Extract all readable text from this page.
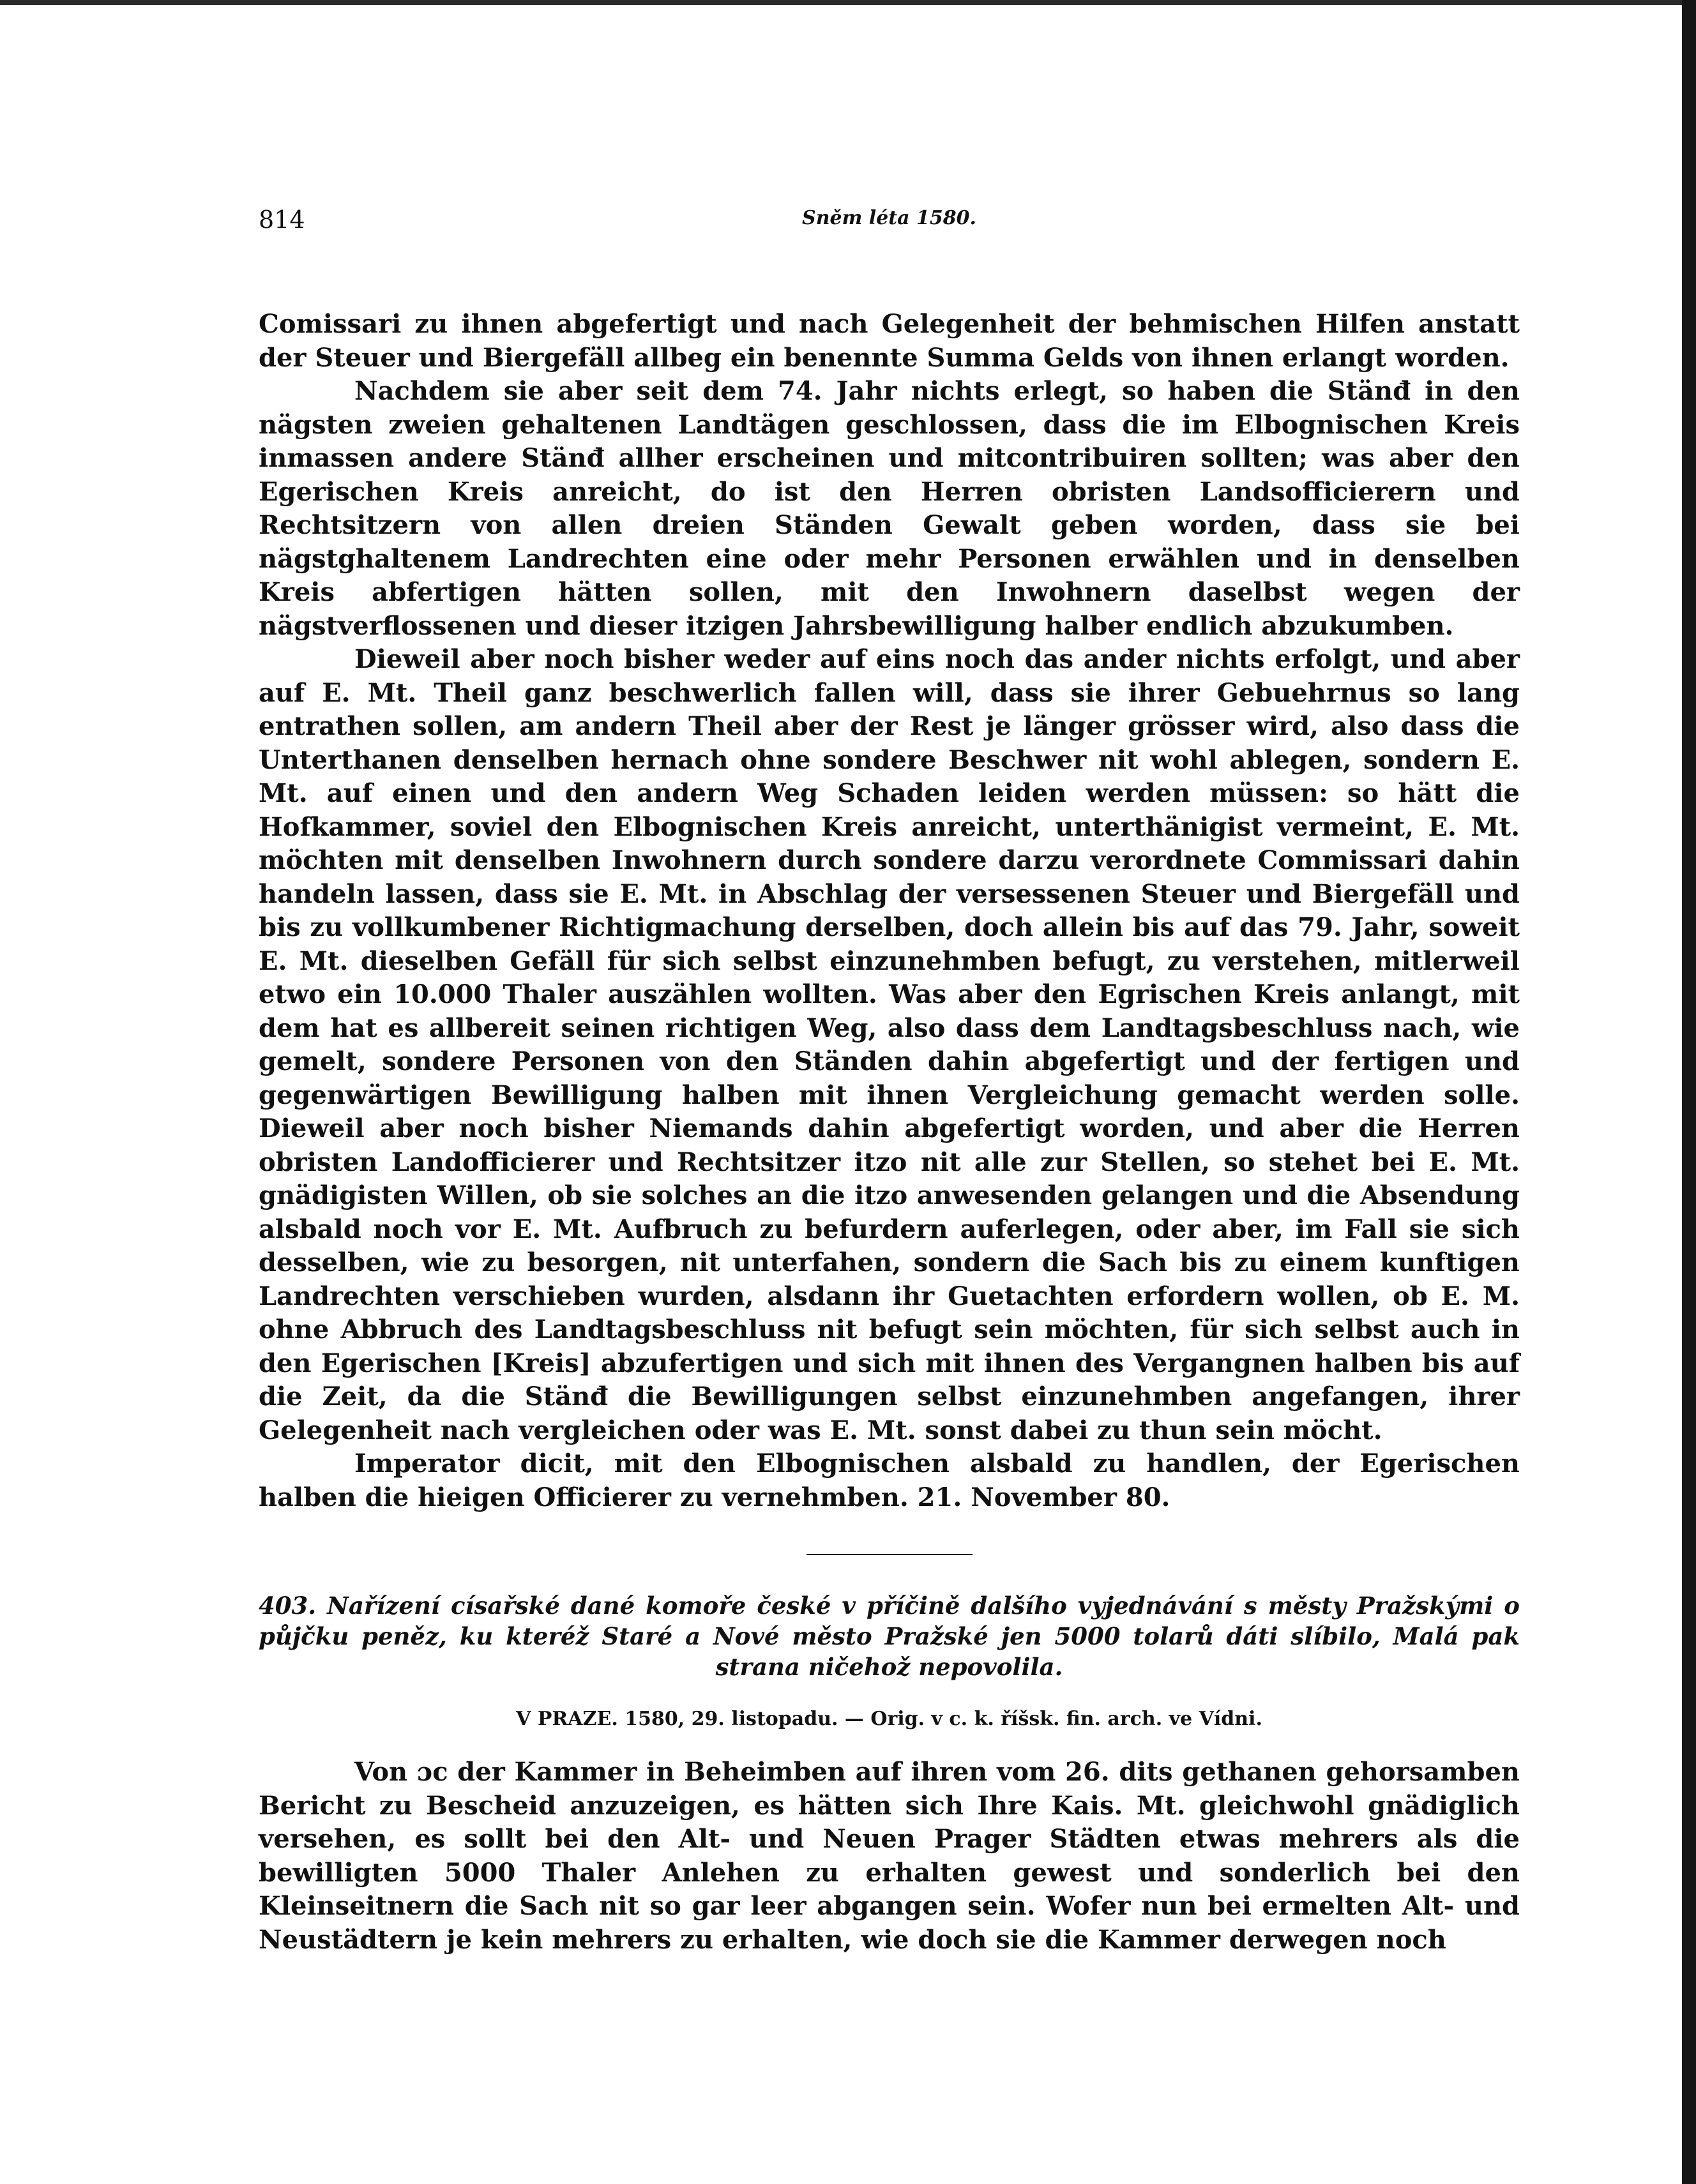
814	Sněm léta 1580.

Comissari zu ihnen abgefertigt und nach Gelegenheit der behmischen Hilfen anstatt der Steuer und Biergefäll allbeg ein benennte Summa Gelds von ihnen erlangt worden.

Nachdem sie aber seit dem 74. Jahr nichts erlegt, so haben die Stänđ in den nägsten zweien gehaltenen Landtägen geschlossen, dass die im Elbognischen Kreis inmassen andere Stänđ allher erscheinen und mitcontribuiren sollten; was aber den Egerischen Kreis anreicht, do ist den Herren obristen Landsofficierern und Rechtsitzern von allen dreien Ständen Gewalt geben worden, dass sie bei nägstghaltenem Landrechten eine oder mehr Personen erwählen und in denselben Kreis abfertigen hätten sollen, mit den Inwohnern daselbst wegen der nägstverflossenen und dieser itzigen Jahrsbewilligung halber endlich abzukumben.

Dieweil aber noch bisher weder auf eins noch das ander nichts erfolgt, und aber auf E. Mt. Theil ganz beschwerlich fallen will, dass sie ihrer Gebuehrnus so lang entrathen sollen, am andern Theil aber der Rest je länger grösser wird, also dass die Unterthanen denselben hernach ohne sondere Beschwer nit wohl ablegen, sondern E. Mt. auf einen und den andern Weg Schaden leiden werden müssen: so hätt die Hofkammer, soviel den Elbognischen Kreis anreicht, unterthänigist vermeint, E. Mt. möchten mit denselben Inwohnern durch sondere darzu verordnete Commissari dahin handeln lassen, dass sie E. Mt. in Abschlag der versessenen Steuer und Biergefäll und bis zu vollkumbener Richtigmachung derselben, doch allein bis auf das 79. Jahr, soweit E. Mt. dieselben Gefäll für sich selbst einzunehmben befugt, zu verstehen, mitlerweil etwo ein 10.000 Thaler auszählen wollten. Was aber den Egrischen Kreis anlangt, mit dem hat es allbereit seinen richtigen Weg, also dass dem Landtagsbeschluss nach, wie gemelt, sondere Personen von den Ständen dahin abgefertigt und der fertigen und gegenwärtigen Bewilligung halben mit ihnen Vergleichung gemacht werden solle. Dieweil aber noch bisher Niemands dahin abgefertigt worden, und aber die Herren obristen Landofficierer und Rechtsitzer itzo nit alle zur Stellen, so stehet bei E. Mt. gnädigisten Willen, ob sie solches an die itzo anwesenden gelangen und die Absendung alsbald noch vor E. Mt. Aufbruch zu befurdern auferlegen, oder aber, im Fall sie sich desselben, wie zu besorgen, nit unterfahen, sondern die Sach bis zu einem kunftigen Landrechten verschieben wurden, alsdann ihr Guetachten erfordern wollen, ob E. M. ohne Abbruch des Landtagsbeschluss nit befugt sein möchten, für sich selbst auch in den Egerischen [Kreis] abzufertigen und sich mit ihnen des Vergangnen halben bis auf die Zeit, da die Stänđ die Bewilligungen selbst einzunehmben angefangen, ihrer Gelegenheit nach vergleichen oder was E. Mt. sonst dabei zu thun sein möcht.

Imperator dicit, mit den Elbognischen alsbald zu handlen, der Egerischen halben die hieigen Officierer zu vernehmben. 21. November 80.

403. Nařízení císařské dané komoře české v příčině dalšího vyjednávání s městy Pražskými o půjčku peněz, ku kteréž Staré a Nové město Pražské jen 5000 tolarů dáti slíbilo, Malá pak strana ničehož nepovolila.

V PRAZE. 1580, 29. listopadu. — Orig. v c. k. říšsk. fin. arch. ve Vídni.

Von ɔc der Kammer in Beheimben auf ihren vom 26. dits gethanen gehorsamben Bericht zu Bescheid anzuzeigen, es hätten sich Ihre Kais. Mt. gleichwohl gnädiglich versehen, es sollt bei den Alt- und Neuen Prager Städten etwas mehrers als die bewilligten 5000 Thaler Anlehen zu erhalten gewest und sonderlich bei den Kleinseitnern die Sach nit so gar leer abgangen sein. Wofer nun bei ermelten Alt- und Neustädtern je kein mehrers zu erhalten, wie doch sie die Kammer derwegen noch
